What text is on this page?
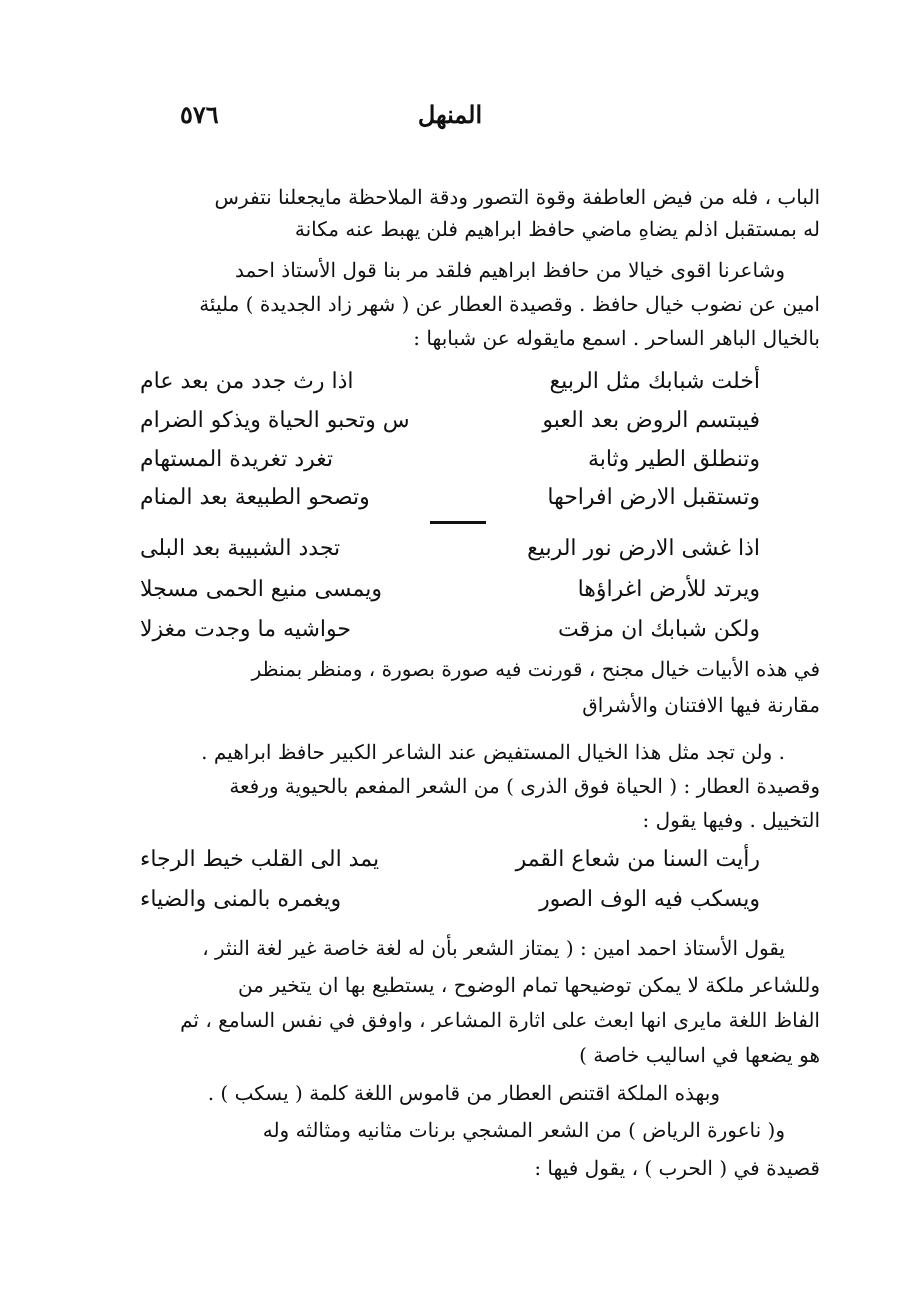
٥٧٦	المنهل
الباب ، فله من فيض العاطفة وقوة التصور ودقة الملاحظة مايجعلنا نتفرس
له بمستقبل اذلم يضاهِ ماضي حافظ ابراهيم فلن يهبط عنه مكانة
وشاعرنا اقوى خيالا من حافظ ابراهيم فلقد مر بنا قول الأستاذ احمد
امين عن نضوب خيال حافظ . وقصيدة العطار عن ( شهر زاد الجديدة ) مليئة
بالخيال الباهر الساحر . اسمع مايقوله عن شبابها :
أخلت شبابك مثل الربيع
اذا رث جدد من بعد عام
فيبتسم الروض بعد العبو
س وتحبو الحياة ويذكو الضرام
وتنطلق الطير وثابة
تغرد تغريدة المستهام
وتستقبل الارض افراحها
وتصحو الطبيعة بعد المنام
اذا غشى الارض نور الربيع
تجدد الشبيبة بعد البلى
ويرتد للأرض اغراؤها
ويمسى منيع الحمى مسجلا
ولكن شبابك ان مزقت
حواشيه ما وجدت مغزلا
في هذه الأبيات خيال مجنح ، قورنت فيه صورة بصورة ، ومنظر بمنظر
مقارنة فيها الافتنان والأشراق
. ولن تجد مثل هذا الخيال المستفيض عند الشاعر الكبير حافظ ابراهيم .
وقصيدة العطار : ( الحياة فوق الذرى ) من الشعر المفعم بالحيوية ورفعة
التخييل . وفيها يقول :
رأيت السنا من شعاع القمر
يمد الى القلب خيط الرجاء
ويسكب فيه الوف الصور
ويغمره بالمنى والضياء
يقول الأستاذ احمد امين : ( يمتاز الشعر بأن له لغة خاصة غير لغة النثر ،
وللشاعر ملكة لا يمكن توضيحها تمام الوضوح ، يستطيع بها ان يتخير من
الفاظ اللغة مايرى انها ابعث على اثارة المشاعر ، واوفق في نفس السامع ، ثم
هو يضعها في اساليب خاصة )
وبهذه الملكة اقتنص العطار من قاموس اللغة كلمة ( يسكب ) .
و( ناعورة الرياض ) من الشعر المشجي برنات مثانيه ومثالثه وله
قصيدة في ( الحرب ) ، يقول فيها :
